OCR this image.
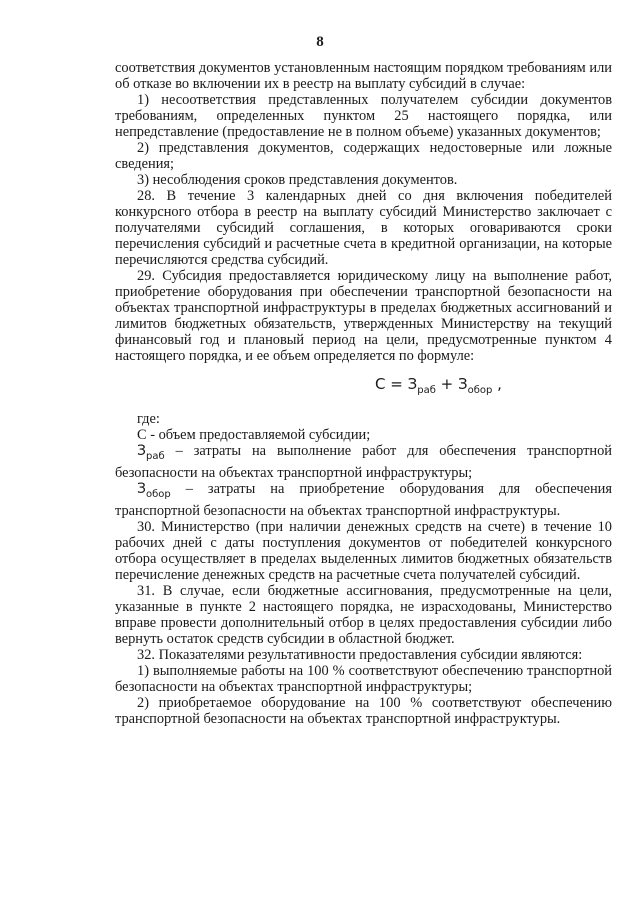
8

соответствия документов установленным настоящим порядком требованиям или об отказе во включении их в реестр на выплату субсидий в случае:

1) несоответствия представленных получателем субсидии документов требованиям, определенных пунктом 25 настоящего порядка, или непредставление (предоставление не в полном объеме) указанных документов;

2) представления документов, содержащих недостоверные или ложные сведения;

3) несоблюдения сроков представления документов.

28. В течение 3 календарных дней со дня включения победителей конкурсного отбора в реестр на выплату субсидий Министерство заключает с получателями субсидий соглашения, в которых оговариваются сроки перечисления субсидий и расчетные счета в кредитной организации, на которые перечисляются средства субсидий.

29. Субсидия предоставляется юридическому лицу на выполнение работ, приобретение оборудования при обеспечении транспортной безопасности на объектах транспортной инфраструктуры в пределах бюджетных ассигнований и лимитов бюджетных обязательств, утвержденных Министерству на текущий финансовый год и плановый период на цели, предусмотренные пунктом 4 настоящего порядка, и ее объем определяется по формуле:

$C = З_{раб} + З_{обор}$ ,

где:

С - объем предоставляемой субсидии;

$З_{раб}$ – затраты на выполнение работ для обеспечения транспортной безопасности на объектах транспортной инфраструктуры;

$З_{обор}$ – затраты на приобретение оборудования для обеспечения транспортной безопасности на объектах транспортной инфраструктуры.

30. Министерство (при наличии денежных средств на счете) в течение 10 рабочих дней с даты поступления документов от победителей конкурсного отбора осуществляет в пределах выделенных лимитов бюджетных обязательств перечисление денежных средств на расчетные счета получателей субсидий.

31. В случае, если бюджетные ассигнования, предусмотренные на цели, указанные в пункте 2 настоящего порядка, не израсходованы, Министерство вправе провести дополнительный отбор в целях предоставления субсидии либо вернуть остаток средств субсидии в областной бюджет.

32. Показателями результативности предоставления субсидии являются:

1) выполняемые работы на 100 % соответствуют обеспечению транспортной безопасности на объектах транспортной инфраструктуры;

2) приобретаемое оборудование на 100 % соответствуют обеспечению транспортной безопасности на объектах транспортной инфраструктуры.
